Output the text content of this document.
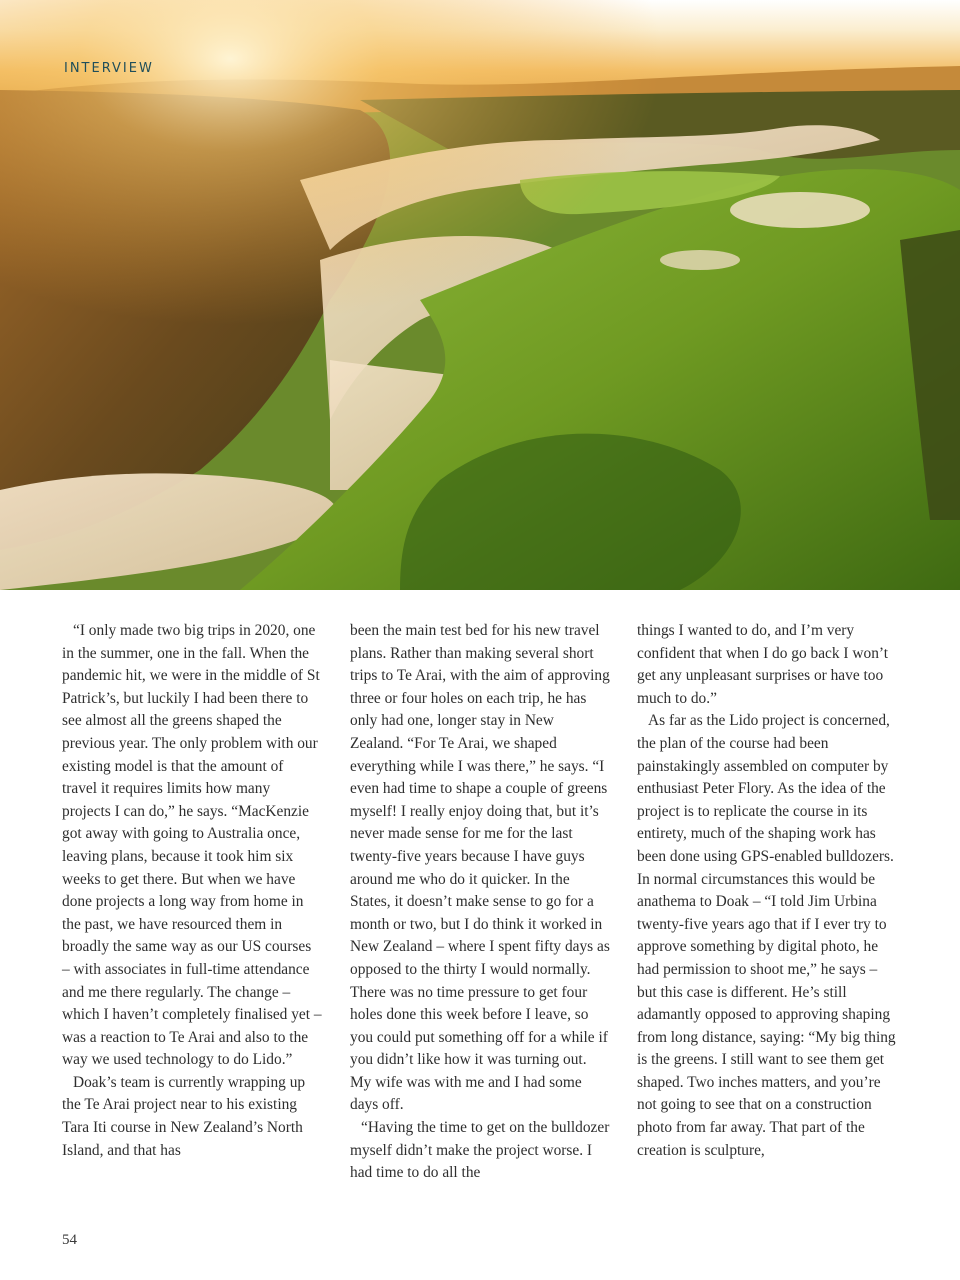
INTERVIEW

“I only made two big trips in 2020, one in the summer, one in the fall. When the pandemic hit, we were in the middle of St Patrick’s, but luckily I had been there to see almost all the greens shaped the previous year. The only problem with our existing model is that the amount of travel it requires limits how many projects I can do,” he says. “MacKenzie got away with going to Australia once, leaving plans, because it took him six weeks to get there. But when we have done projects a long way from home in the past, we have resourced them in broadly the same way as our US courses – with associates in full-time attendance and me there regularly. The change – which I haven’t completely finalised yet – was a reaction to Te Arai and also to the way we used technology to do Lido.”

Doak’s team is currently wrapping up the Te Arai project near to his existing Tara Iti course in New Zealand’s North Island, and that has

been the main test bed for his new travel plans. Rather than making several short trips to Te Arai, with the aim of approving three or four holes on each trip, he has only had one, longer stay in New Zealand. “For Te Arai, we shaped everything while I was there,” he says. “I even had time to shape a couple of greens myself! I really enjoy doing that, but it’s never made sense for me for the last twenty-five years because I have guys around me who do it quicker. In the States, it doesn’t make sense to go for a month or two, but I do think it worked in New Zealand – where I spent fifty days as opposed to the thirty I would normally. There was no time pressure to get four holes done this week before I leave, so you could put something off for a while if you didn’t like how it was turning out. My wife was with me and I had some days off.

“Having the time to get on the bulldozer myself didn’t make the project worse. I had time to do all the

things I wanted to do, and I’m very confident that when I do go back I won’t get any unpleasant surprises or have too much to do.”

As far as the Lido project is concerned, the plan of the course had been painstakingly assembled on computer by enthusiast Peter Flory. As the idea of the project is to replicate the course in its entirety, much of the shaping work has been done using GPS-enabled bulldozers. In normal circumstances this would be anathema to Doak – “I told Jim Urbina twenty-five years ago that if I ever try to approve something by digital photo, he had permission to shoot me,” he says – but this case is different. He’s still adamantly opposed to approving shaping from long distance, saying: “My big thing is the greens. I still want to see them get shaped. Two inches matters, and you’re not going to see that on a construction photo from far away. That part of the creation is sculpture,

54
